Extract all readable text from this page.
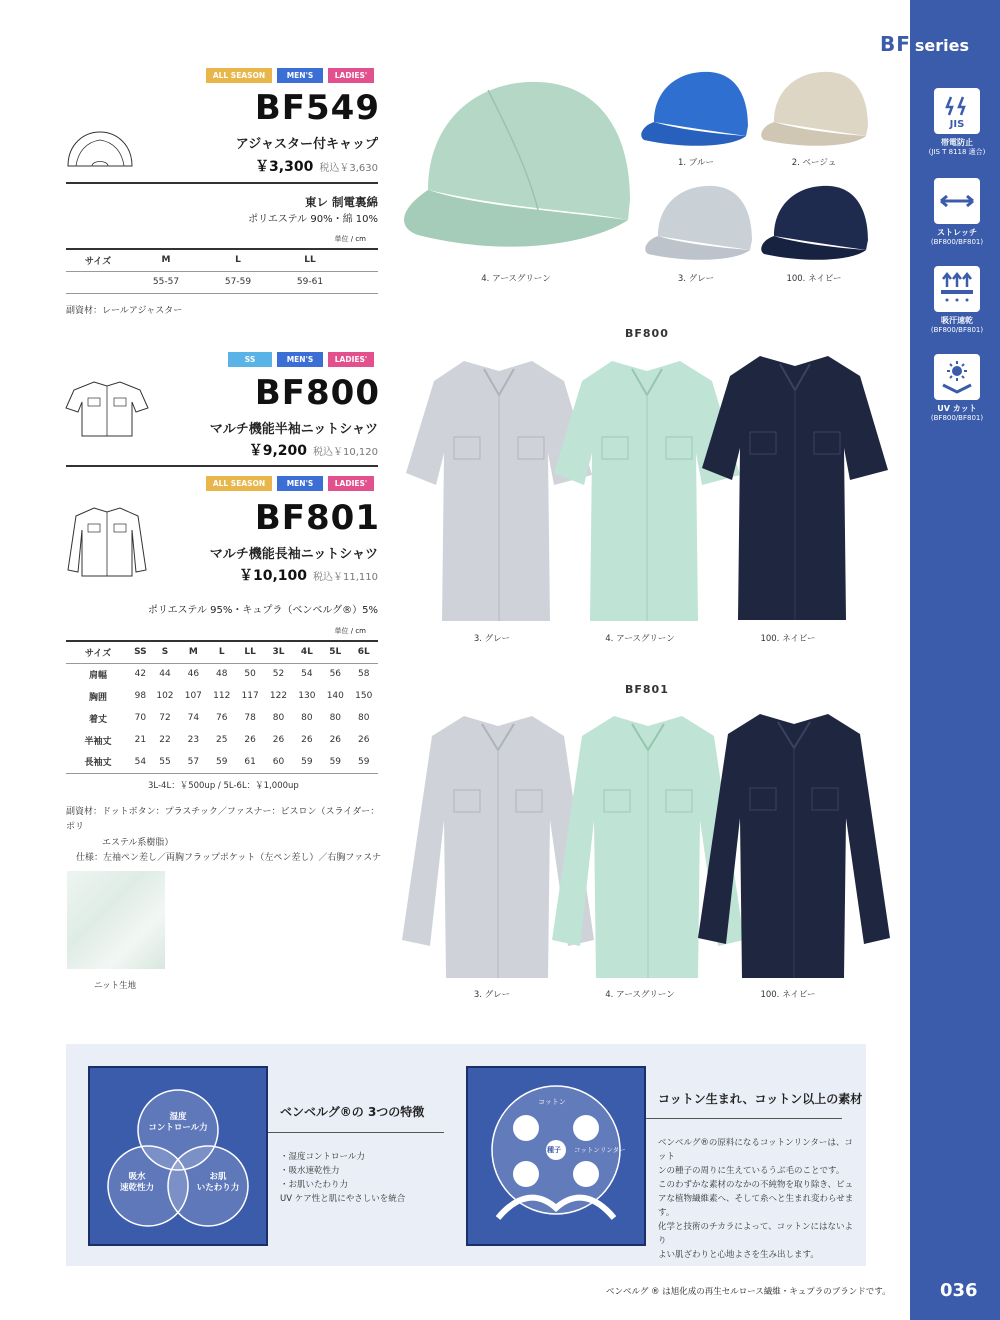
BF series
JIS
帯電防止
(JIS T 8118 適合)
ストレッチ
(BF800/BF801)
吸汗速乾
(BF800/BF801)
UV カット
(BF800/BF801)
036
ALL SEASON	MEN'S	LADIES'
BF549
アジャスター付キャップ
￥3,300 税込￥3,630
東レ 制電裏綿
ポリエステル 90%・綿 10%
単位 / cm
サイズ	M	L	LL	
	55-57	57-59	59-61	
副資材：レールアジャスター
1. ブルー	2. ベージュ
4. アースグリーン	3. グレー	100. ネイビー
SS	MEN'S	LADIES'
BF800
マルチ機能半袖ニットシャツ
￥9,200 税込￥10,120
ALL SEASON	MEN'S	LADIES'
BF801
マルチ機能長袖ニットシャツ
￥10,100 税込￥11,110
ポリエステル 95%・キュプラ（ベンベルグ®）5%
単位 / cm
サイズ	SS	S	M	L	LL	3L	4L	5L	6L
肩幅	42	44	46	48	50	52	54	56	58
胸囲	98	102	107	112	117	122	130	140	150
着丈	70	72	74	76	78	80	80	80	80
半袖丈	21	22	23	25	26	26	26	26	26
長袖丈	54	55	57	59	61	60	59	59	59
3L-4L：￥500up / 5L-6L：￥1,000up
副資材：ドットボタン：プラスチック／ファスナー：ビスロン（スライダー：ポリ
エステル系樹脂）
仕様：左袖ペン差し／両胸フラップポケット（左ペン差し）／右胸ファスナ
ニット生地
BF800
3. グレー	4. アースグリーン	100. ネイビー
BF801
3. グレー	4. アースグリーン	100. ネイビー
湿度
コントロール力
吸水
速乾性力
お肌
いたわり力
ベンベルグ®の 3つの特徴
・湿度コントロール力
・吸水速乾性力
・お肌いたわり力
UV ケア性と肌にやさしいを統合
コットン
種子 コットンリンター
コットン生まれ、コットン以上の素材
ベンベルグ®の原料になるコットンリンターは、コット
ンの種子の周りに生えているうぶ毛のことです。
このわずかな素材のなかの不純物を取り除き、ピュ
アな植物繊維素へ、そして糸へと生まれ変わらせます。
化学と技術のチカラによって、コットンにはないより
よい肌ざわりと心地よさを生み出します。
ベンベルグ ® は旭化成の再生セルロース繊維・キュプラのブランドです。
